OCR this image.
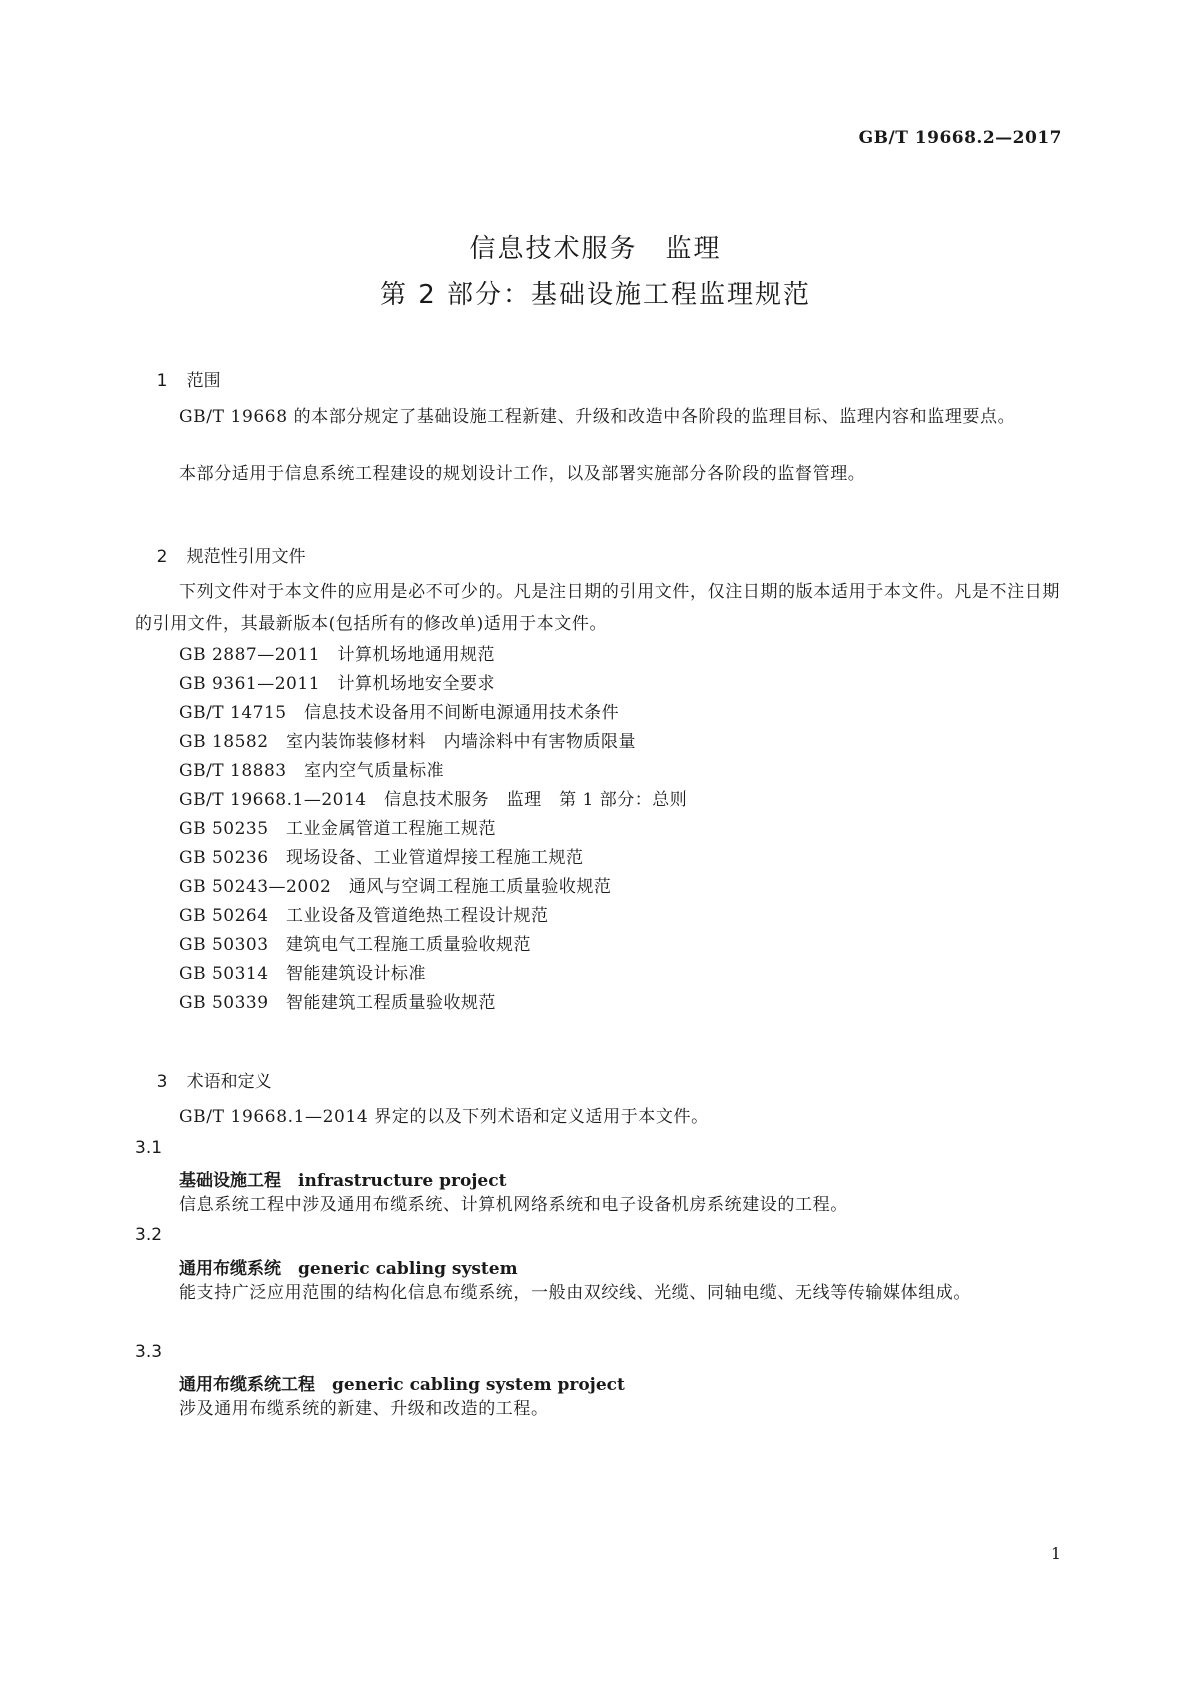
GB/T 19668.2—2017
信息技术服务　监理
第 2 部分：基础设施工程监理规范

1 范围

GB/T 19668 的本部分规定了基础设施工程新建、升级和改造中各阶段的监理目标、监理内容和监理要点。
本部分适用于信息系统工程建设的规划设计工作，以及部署实施部分各阶段的监督管理。

2 规范性引用文件

下列文件对于本文件的应用是必不可少的。凡是注日期的引用文件，仅注日期的版本适用于本文件。凡是不注日期的引用文件，其最新版本(包括所有的修改单)适用于本文件。
GB 2887—2011　计算机场地通用规范
GB 9361—2011　计算机场地安全要求
GB/T 14715　信息技术设备用不间断电源通用技术条件
GB 18582　室内装饰装修材料　内墙涂料中有害物质限量
GB/T 18883　室内空气质量标准
GB/T 19668.1—2014　信息技术服务　监理　第 1 部分：总则
GB 50235　工业金属管道工程施工规范
GB 50236　现场设备、工业管道焊接工程施工规范
GB 50243—2002　通风与空调工程施工质量验收规范
GB 50264　工业设备及管道绝热工程设计规范
GB 50303　建筑电气工程施工质量验收规范
GB 50314　智能建筑设计标准
GB 50339　智能建筑工程质量验收规范

3 术语和定义

GB/T 19668.1—2014 界定的以及下列术语和定义适用于本文件。
3.1
基础设施工程　 infrastructure project
信息系统工程中涉及通用布缆系统、计算机网络系统和电子设备机房系统建设的工程。
3.2
通用布缆系统　 generic cabling system
能支持广泛应用范围的结构化信息布缆系统，一般由双绞线、光缆、同轴电缆、无线等传输媒体组成。
3.3
通用布缆系统工程　 generic cabling system project
涉及通用布缆系统的新建、升级和改造的工程。
1
